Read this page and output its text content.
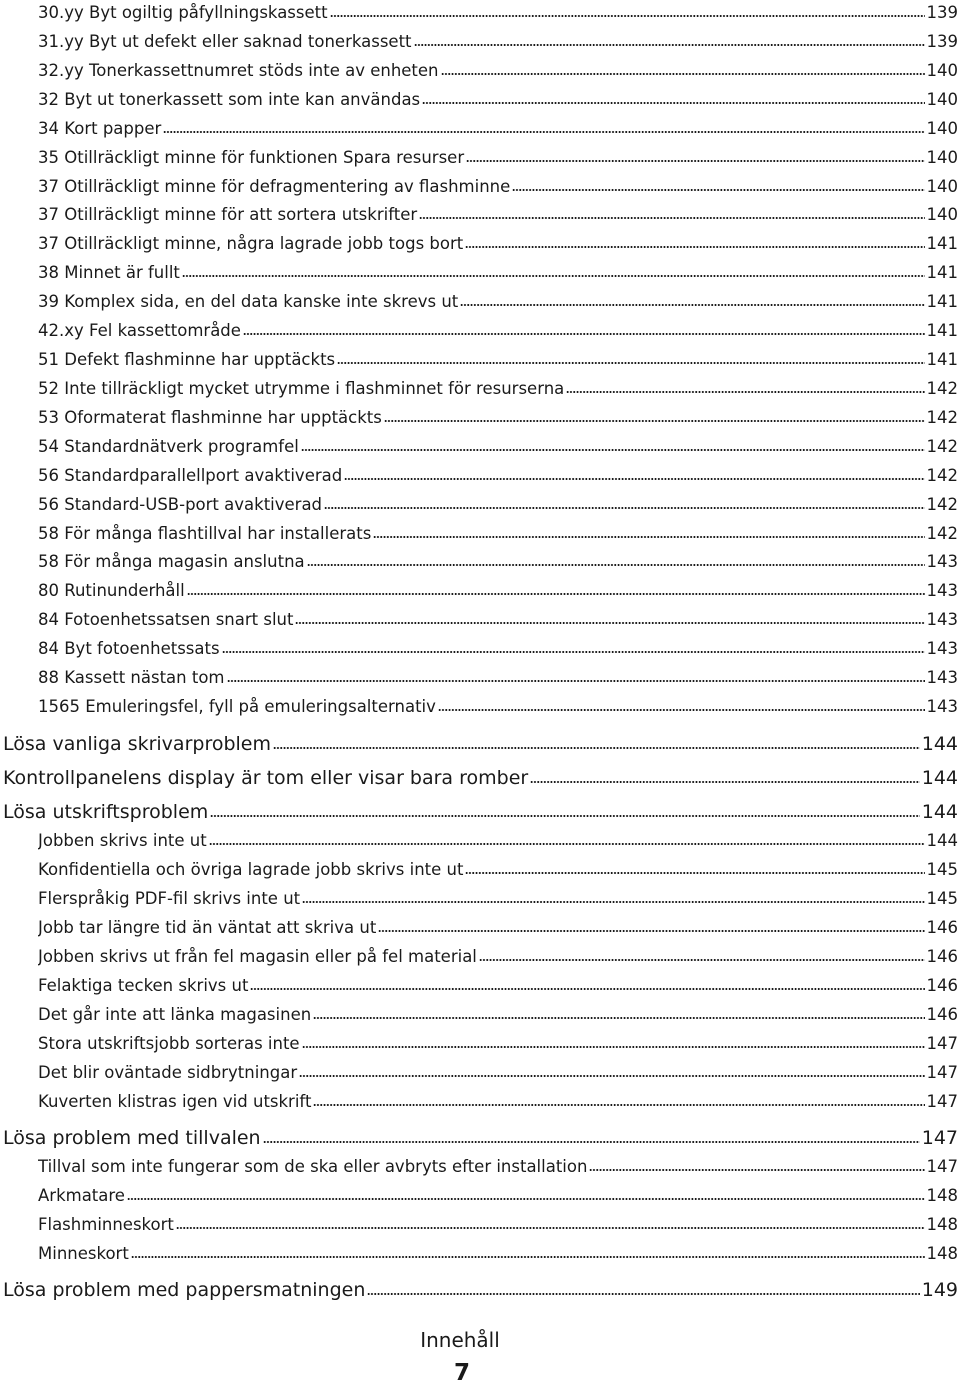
30.yy Byt ogiltig påfyllningskassett	139
31.yy Byt ut defekt eller saknad tonerkassett	139
32.yy Tonerkassettnumret stöds inte av enheten	140
32 Byt ut tonerkassett som inte kan användas	140
34 Kort papper	140
35 Otillräckligt minne för funktionen Spara resurser	140
37 Otillräckligt minne för defragmentering av flashminne	140
37 Otillräckligt minne för att sortera utskrifter	140
37 Otillräckligt minne, några lagrade jobb togs bort	141
38 Minnet är fullt	141
39 Komplex sida, en del data kanske inte skrevs ut	141
42.xy Fel kassettområde	141
51 Defekt flashminne har upptäckts	141
52 Inte tillräckligt mycket utrymme i flashminnet för resurserna	142
53 Oformaterat flashminne har upptäckts	142
54 Standardnätverk programfel	142
56 Standardparallellport avaktiverad	142
56 Standard-USB-port avaktiverad	142
58 För många flashtillval har installerats	142
58 För många magasin anslutna	143
80 Rutinunderhåll	143
84 Fotoenhetssatsen snart slut	143
84 Byt fotoenhetssats	143
88 Kassett nästan tom	143
1565 Emuleringsfel, fyll på emuleringsalternativ	143
Lösa vanliga skrivarproblem	144
Kontrollpanelens display är tom eller visar bara romber	144
Lösa utskriftsproblem	144
Jobben skrivs inte ut	144
Konfidentiella och övriga lagrade jobb skrivs inte ut	145
Flerspråkig PDF-fil skrivs inte ut	145
Jobb tar längre tid än väntat att skriva ut	146
Jobben skrivs ut från fel magasin eller på fel material	146
Felaktiga tecken skrivs ut	146
Det går inte att länka magasinen	146
Stora utskriftsjobb sorteras inte	147
Det blir oväntade sidbrytningar	147
Kuverten klistras igen vid utskrift	147
Lösa problem med tillvalen	147
Tillval som inte fungerar som de ska eller avbryts efter installation	147
Arkmatare	148
Flashminneskort	148
Minneskort	148
Lösa problem med pappersmatningen	149
Innehåll
7
